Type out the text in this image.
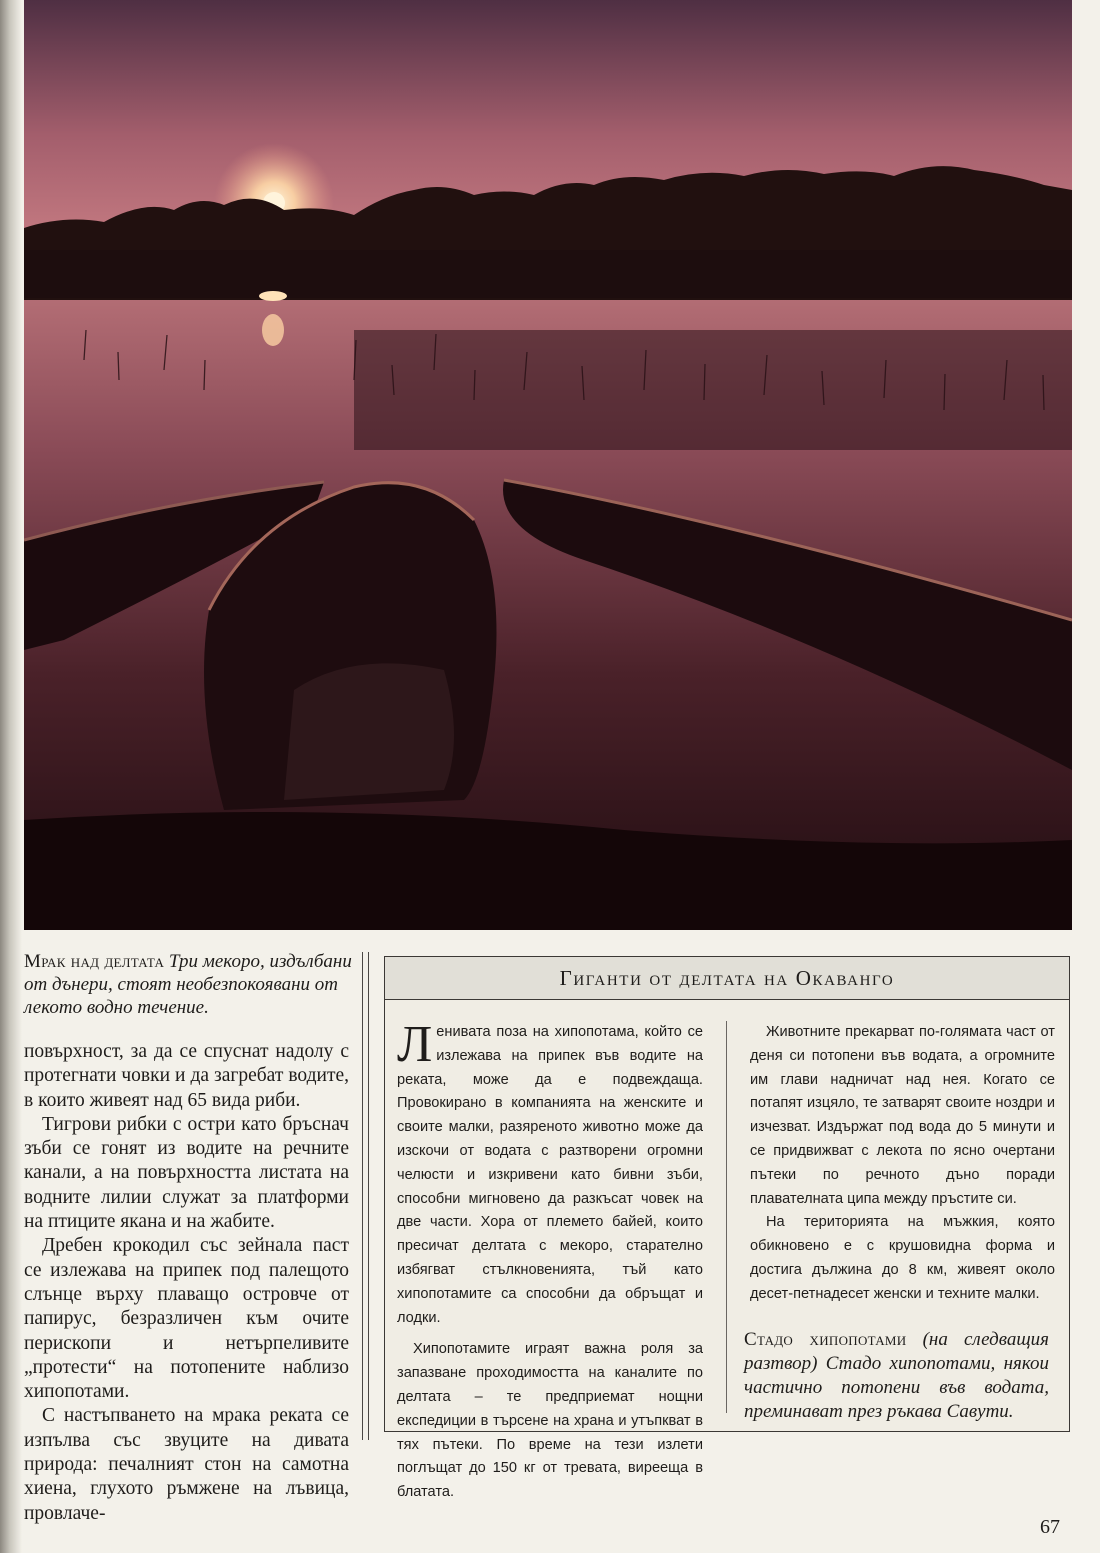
Мрак над делтата Три мекоро, издълбани от дънери, стоят необезпокоявани от лекото водно течение.

повърхност, за да се спуснат надолу с протегнати човки и да загребат водите, в които живеят над 65 вида риби.

Тигрови рибки с остри като бръснач зъби се гонят из водите на речните канали, а на повърхността листата на водните лилии служат за платформи на птиците якана и на жабите.

Дребен крокодил със зейнала паст се излежава на припек под палещото слънце върху плаващо островче от папирус, безразличен към очите перископи и нетърпеливите „протести“ на потопените наблизо хипопотами.

С настъпването на мрака реката се изпълва със звуците на дивата природа: печалният стон на самотна хиена, глухото ръмжене на лъвица, провлаче-

Гиганти от делтата на Окаванго

Ленивата поза на хипопотама, който се излежава на припек във водите на реката, може да е подвеждаща. Провокирано в компанията на женските и своите малки, разяреното животно може да изскочи от водата с разтворени огромни челюсти и изкривени като бивни зъби, способни мигновено да разкъсат човек на две части. Хора от племето байей, които пресичат делтата с мекоро, старателно избягват стълкновенията, тъй като хипопотамите са способни да обръщат и лодки.

Хипопотамите играят важна роля за запазване проходимостта на каналите по делтата – те предприемат нощни експедиции в търсене на храна и утъпкват в тях пътеки. По време на тези излети поглъщат до 150 кг от тревата, виреещa в блатата.

Животните прекарват по-голямата част от деня си потопени във водата, а огромните им глави надничат над нея. Когато се потапят изцяло, те затварят своите ноздри и изчезват. Издържат под вода до 5 минути и се придвижват с лекота по ясно очертани пътеки по речното дъно поради плавателната ципа между пръстите си.

На територията на мъжкия, която обикновено е с крушовидна форма и достига дължина до 8 км, живеят около десет-петнадесет женски и техните малки.

Стадо хипопотами (на следващия разтвор) Стадо хипопотами, някои частично потопени във водата, преминават през ръкава Савути.
67
